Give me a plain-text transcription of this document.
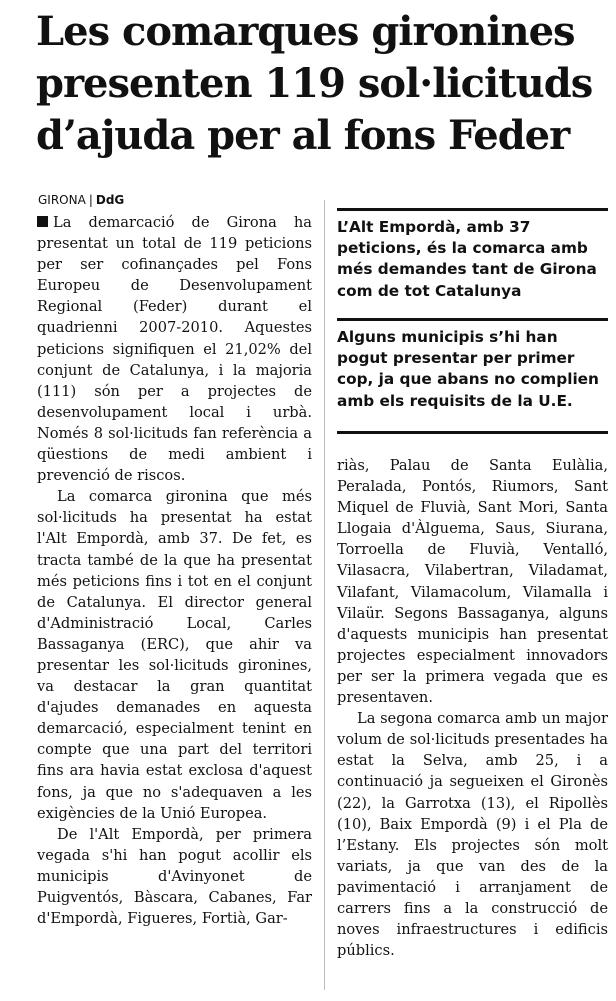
Les comarques gironines presenten 119 sol·licituds d’ajuda per al fons Feder
GIRONA | DdG

La demarcació de Girona ha presentat un total de 119 peticions per ser cofinançades pel Fons Europeu de Desenvolupament Regional (Feder) durant el quadrienni 2007-2010. Aquestes peticions signifiquen el 21,02% del conjunt de Catalunya, i la majoria (111) són per a projectes de desenvolupament local i urbà. Només 8 sol·licituds fan referència a qüestions de medi ambient i prevenció de riscos.

La comarca gironina que més sol·licituds ha presentat ha estat l'Alt Empordà, amb 37. De fet, es tracta també de la que ha presentat més peticions fins i tot en el conjunt de Catalunya. El director general d'Administració Local, Carles Bassaganya (ERC), que ahir va presentar les sol·licituds gironines, va destacar la gran quantitat d'ajudes demanades en aquesta demarcació, especialment tenint en compte que una part del territori fins ara havia estat exclosa d'aquest fons, ja que no s'adequaven a les exigències de la Unió Europea.

De l'Alt Empordà, per primera vegada s'hi han pogut acollir els municipis d'Avinyonet de Puigventós, Bàscara, Cabanes, Far d'Empordà, Figueres, Fortià, Gar-

L’Alt Empordà, amb 37 peticions, és la comarca amb més demandes tant de Girona com de tot Catalunya
Alguns municipis s’hi han pogut presentar per primer cop, ja que abans no complien amb els requisits de la U.E.

riàs, Palau de Santa Eulàlia, Peralada, Pontós, Riumors, Sant Miquel de Fluvià, Sant Mori, Santa Llogaia d'Àlguema, Saus, Siurana, Torroella de Fluvià, Ventalló, Vilasacra, Vilabertran, Viladamat, Vilafant, Vilamacolum, Vilamalla i Vilaür. Segons Bassaganya, alguns d'aquests municipis han presentat projectes especialment innovadors per ser la primera vegada que es presentaven.

La segona comarca amb un major volum de sol·licituds presentades ha estat la Selva, amb 25, i a continuació ja segueixen el Gironès (22), la Garrotxa (13), el Ripollès (10), Baix Empordà (9) i el Pla de l’Estany. Els projectes són molt variats, ja que van des de la pavimentació i arranjament de carrers fins a la construcció de noves infraestructures i edificis públics.
